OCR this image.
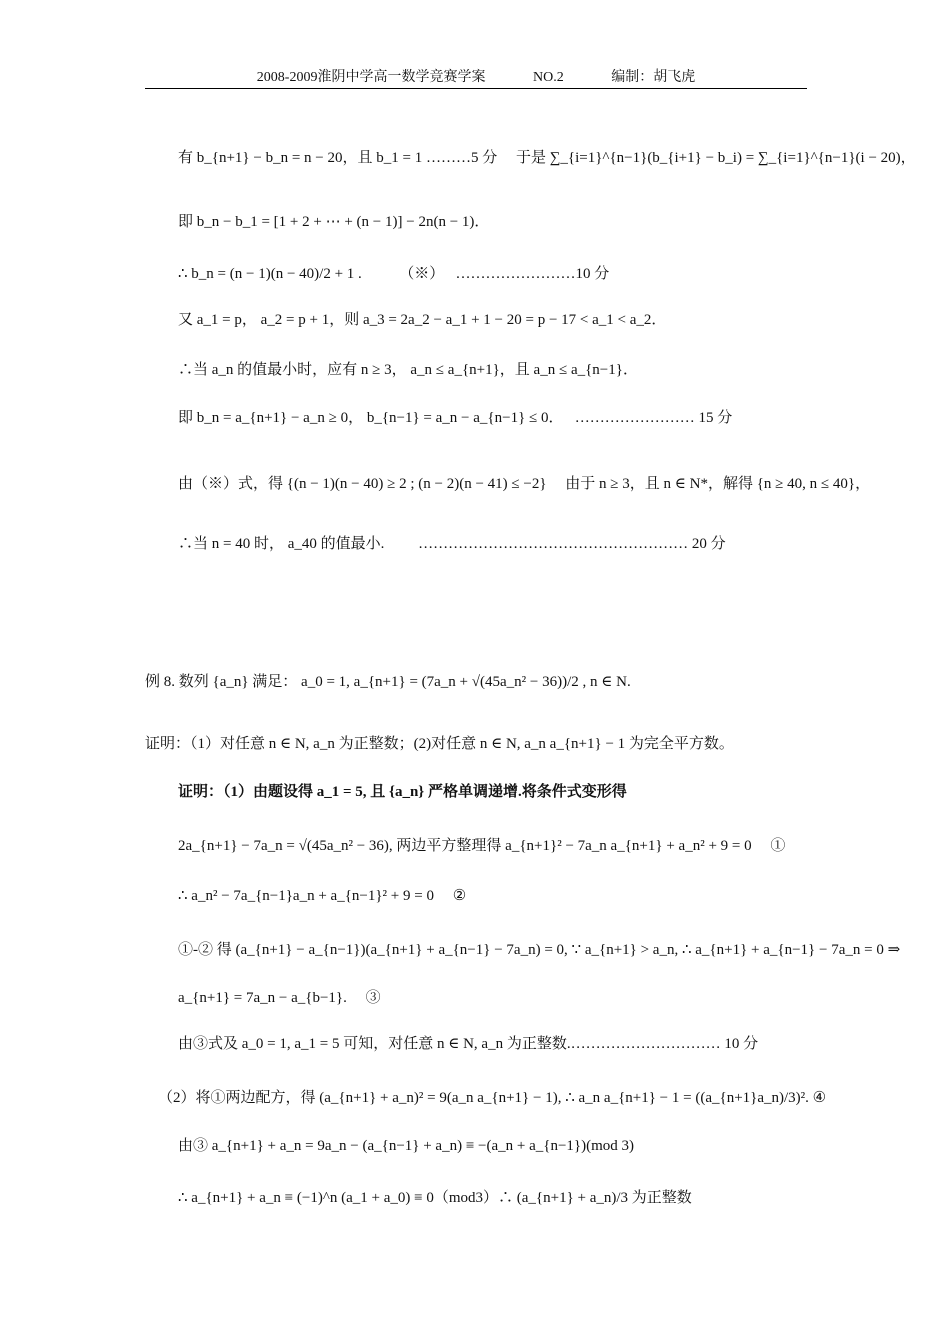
2008-2009淮阴中学高一数学竞赛学案	NO.2	编制：胡飞虎
有 b_{n+1} − b_n = n − 20，且 b_1 = 1 ………5 分　 于是 ∑_{i=1}^{n−1}(b_{i+1} − b_i) = ∑_{i=1}^{n−1}(i − 20)，
即 b_n − b_1 = [1 + 2 + ⋯ + (n − 1)] − 2n(n − 1)．
∴ b_n = (n − 1)(n − 40)/2 + 1 .　　　（※）　 ……………………10 分
又 a_1 = p， a_2 = p + 1，则 a_3 = 2a_2 − a_1 + 1 − 20 = p − 17 < a_1 < a_2．
∴当 a_n 的值最小时，应有 n ≥ 3， a_n ≤ a_{n+1}，且 a_n ≤ a_{n−1}．
即 b_n = a_{n+1} − a_n ≥ 0， b_{n−1} = a_n − a_{n−1} ≤ 0．　 …………………… 15 分
由（※）式，得 {(n − 1)(n − 40) ≥ 2 ; (n − 2)(n − 41) ≤ −2}　 由于 n ≥ 3，且 n ∈ N*，解得 {n ≥ 40, n ≤ 40}，
∴当 n = 40 时， a_40 的值最小.　　 ……………………………………………… 20 分
例 8. 数列 {a_n} 满足： a_0 = 1, a_{n+1} = (7a_n + √(45a_n² − 36))/2 , n ∈ N.
证明：（1）对任意 n ∈ N, a_n 为正整数；(2)对任意 n ∈ N, a_n a_{n+1} − 1 为完全平方数。
证明：（1）由题设得 a_1 = 5, 且 {a_n} 严格单调递增.将条件式变形得
2a_{n+1} − 7a_n = √(45a_n² − 36), 两边平方整理得 a_{n+1}² − 7a_n a_{n+1} + a_n² + 9 = 0　 ①
∴ a_n² − 7a_{n−1}a_n + a_{n−1}² + 9 = 0　 ②
①-② 得 (a_{n+1} − a_{n−1})(a_{n+1} + a_{n−1} − 7a_n) = 0, ∵ a_{n+1} > a_n, ∴ a_{n+1} + a_{n−1} − 7a_n = 0 ⇒
a_{n+1} = 7a_n − a_{b−1}.　 ③
由③式及 a_0 = 1, a_1 = 5 可知，对任意 n ∈ N, a_n 为正整数.………………………… 10 分
（2）将①两边配方，得 (a_{n+1} + a_n)² = 9(a_n a_{n+1} − 1), ∴ a_n a_{n+1} − 1 = ((a_{n+1}a_n)/3)². ④
由③ a_{n+1} + a_n = 9a_n − (a_{n−1} + a_n) ≡ −(a_n + a_{n−1})(mod 3)
∴ a_{n+1} + a_n ≡ (−1)^n (a_1 + a_0) ≡ 0（mod3）∴ (a_{n+1} + a_n)/3 为正整数
